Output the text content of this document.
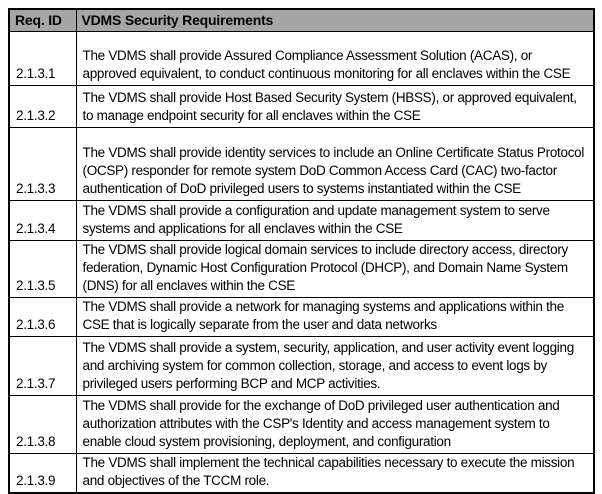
Req. ID	VDMS Security Requirements
2.1.3.1	The VDMS shall provide Assured Compliance Assessment Solution (ACAS), or approved equivalent, to conduct continuous monitoring for all enclaves within the CSE
2.1.3.2	The VDMS shall provide Host Based Security System (HBSS), or approved equivalent, to manage endpoint security for all enclaves within the CSE
2.1.3.3	The VDMS shall provide identity services to include an Online Certificate Status Protocol (OCSP) responder for remote system DoD Common Access Card (CAC) two-factor authentication of DoD privileged users to systems instantiated within the CSE
2.1.3.4	The VDMS shall provide a configuration and update management system to serve systems and applications for all enclaves within the CSE
2.1.3.5	The VDMS shall provide logical domain services to include directory access, directory federation, Dynamic Host Configuration Protocol (DHCP), and Domain Name System (DNS) for all enclaves within the CSE
2.1.3.6	The VDMS shall provide a network for managing systems and applications within the CSE that is logically separate from the user and data networks
2.1.3.7	The VDMS shall provide a system, security, application, and user activity event logging and archiving system for common collection, storage, and access to event logs by privileged users performing BCP and MCP activities.
2.1.3.8	The VDMS shall provide for the exchange of DoD privileged user authentication and authorization attributes with the CSP's Identity and access management system to enable cloud system provisioning, deployment, and configuration
2.1.3.9	The VDMS shall implement the technical capabilities necessary to execute the mission and objectives of the TCCM role.
